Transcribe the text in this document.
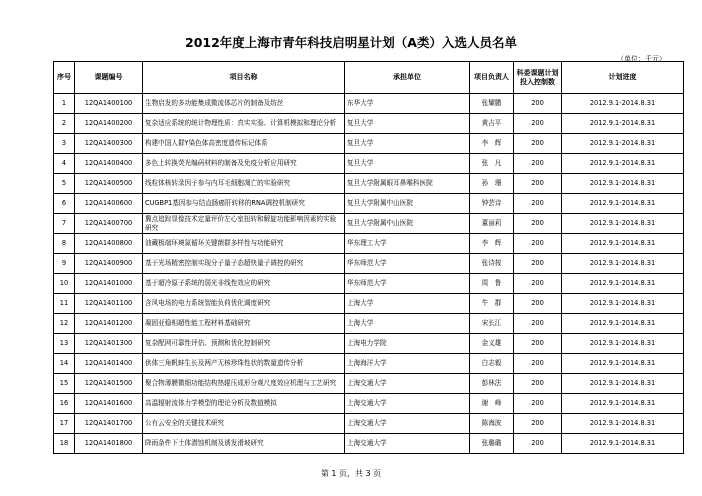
2012年度上海市青年科技启明星计划（A类）入选人员名单
（单位：千元）
序号	课题编号	项目名称	承担单位	项目负责人	科委课题计划投入控制数	计划进度
1	12QA1400100	生物启发的多功能集成微流体芯片的制备及纺丝	东华大学	张耀鹏	200	2012.9.1-2014.8.31
2	12QA1400200	复杂适应系统的统计物理性质：真实实验、计算机模拟和理论分析	复旦大学	黄吉平	200	2012.9.1-2014.8.31
3	12QA1400300	构建中国人群Y染色体高密度遗传标记体系	复旦大学	李　辉	200	2012.9.1-2014.8.31
4	12QA1400400	多色上转换荧光编码材料的制备及免疫分析应用研究	复旦大学	张　凡	200	2012.9.1-2014.8.31
5	12QA1400500	线粒体核转录因子参与内耳毛细胞凋亡的实验研究	复旦大学附属眼耳鼻喉科医院	孙　珊	200	2012.9.1-2014.8.31
6	12QA1400600	CUGBP1基因参与结直肠癌肝转移的RNA调控机制研究	复旦大学附属中山医院	钟芸诗	200	2012.9.1-2014.8.31
7	12QA1400700	冀点追踪显像技术定量评价左心室扭转和解旋功能影响因素的实验研究	复旦大学附属中山医院	董丽莉	200	2012.9.1-2014.8.31
8	12QA1400800	油藏极端环境氮循环关键菌群多样性与功能研究	华东理工大学	李　辉	200	2012.9.1-2014.8.31
9	12QA1400900	基于光场精密控制实现分子量子态超快量子调控的研究	华东师范大学	张诗按	200	2012.9.1-2014.8.31
10	12QA1401000	基于超冷原子系统的弱光非线性效应的研究	华东师范大学	周　鲁	200	2012.9.1-2014.8.31
11	12QA1401100	含风电场的电力系统智能负荷优化调度研究	上海大学	牛　群	200	2012.9.1-2014.8.31
12	12QA1401200	凝固亚稳相超性能工程材料基础研究	上海大学	宋长江	200	2012.9.1-2014.8.31
13	12QA1401300	复杂配网可靠性评估、预测和优化控制研究	上海电力学院	金义雄	200	2012.9.1-2014.8.31
14	12QA1401400	供体三角帆蚌生长及两产无核珍珠性状的数量遗传分析	上海海洋大学	白志毅	200	2012.9.1-2014.8.31
15	12QA1401500	聚合物薄膜微细功能结构热辊压成形分观尺度效应机理与工艺研究	上海交通大学	彭林法	200	2012.9.1-2014.8.31
16	12QA1401600	高温辐射流体力学模型的理论分析及数值模拟	上海交通大学	谢　峰	200	2012.9.1-2014.8.31
17	12QA1401700	公有云安全的关键技术研究	上海交通大学	陈海波	200	2012.9.1-2014.8.31
18	12QA1401800	降雨条件下土体潜蚀机制及诱发滑坡研究	上海交通大学	张璐璐	200	2012.9.1-2014.8.31
第 1 页，共 3 页
